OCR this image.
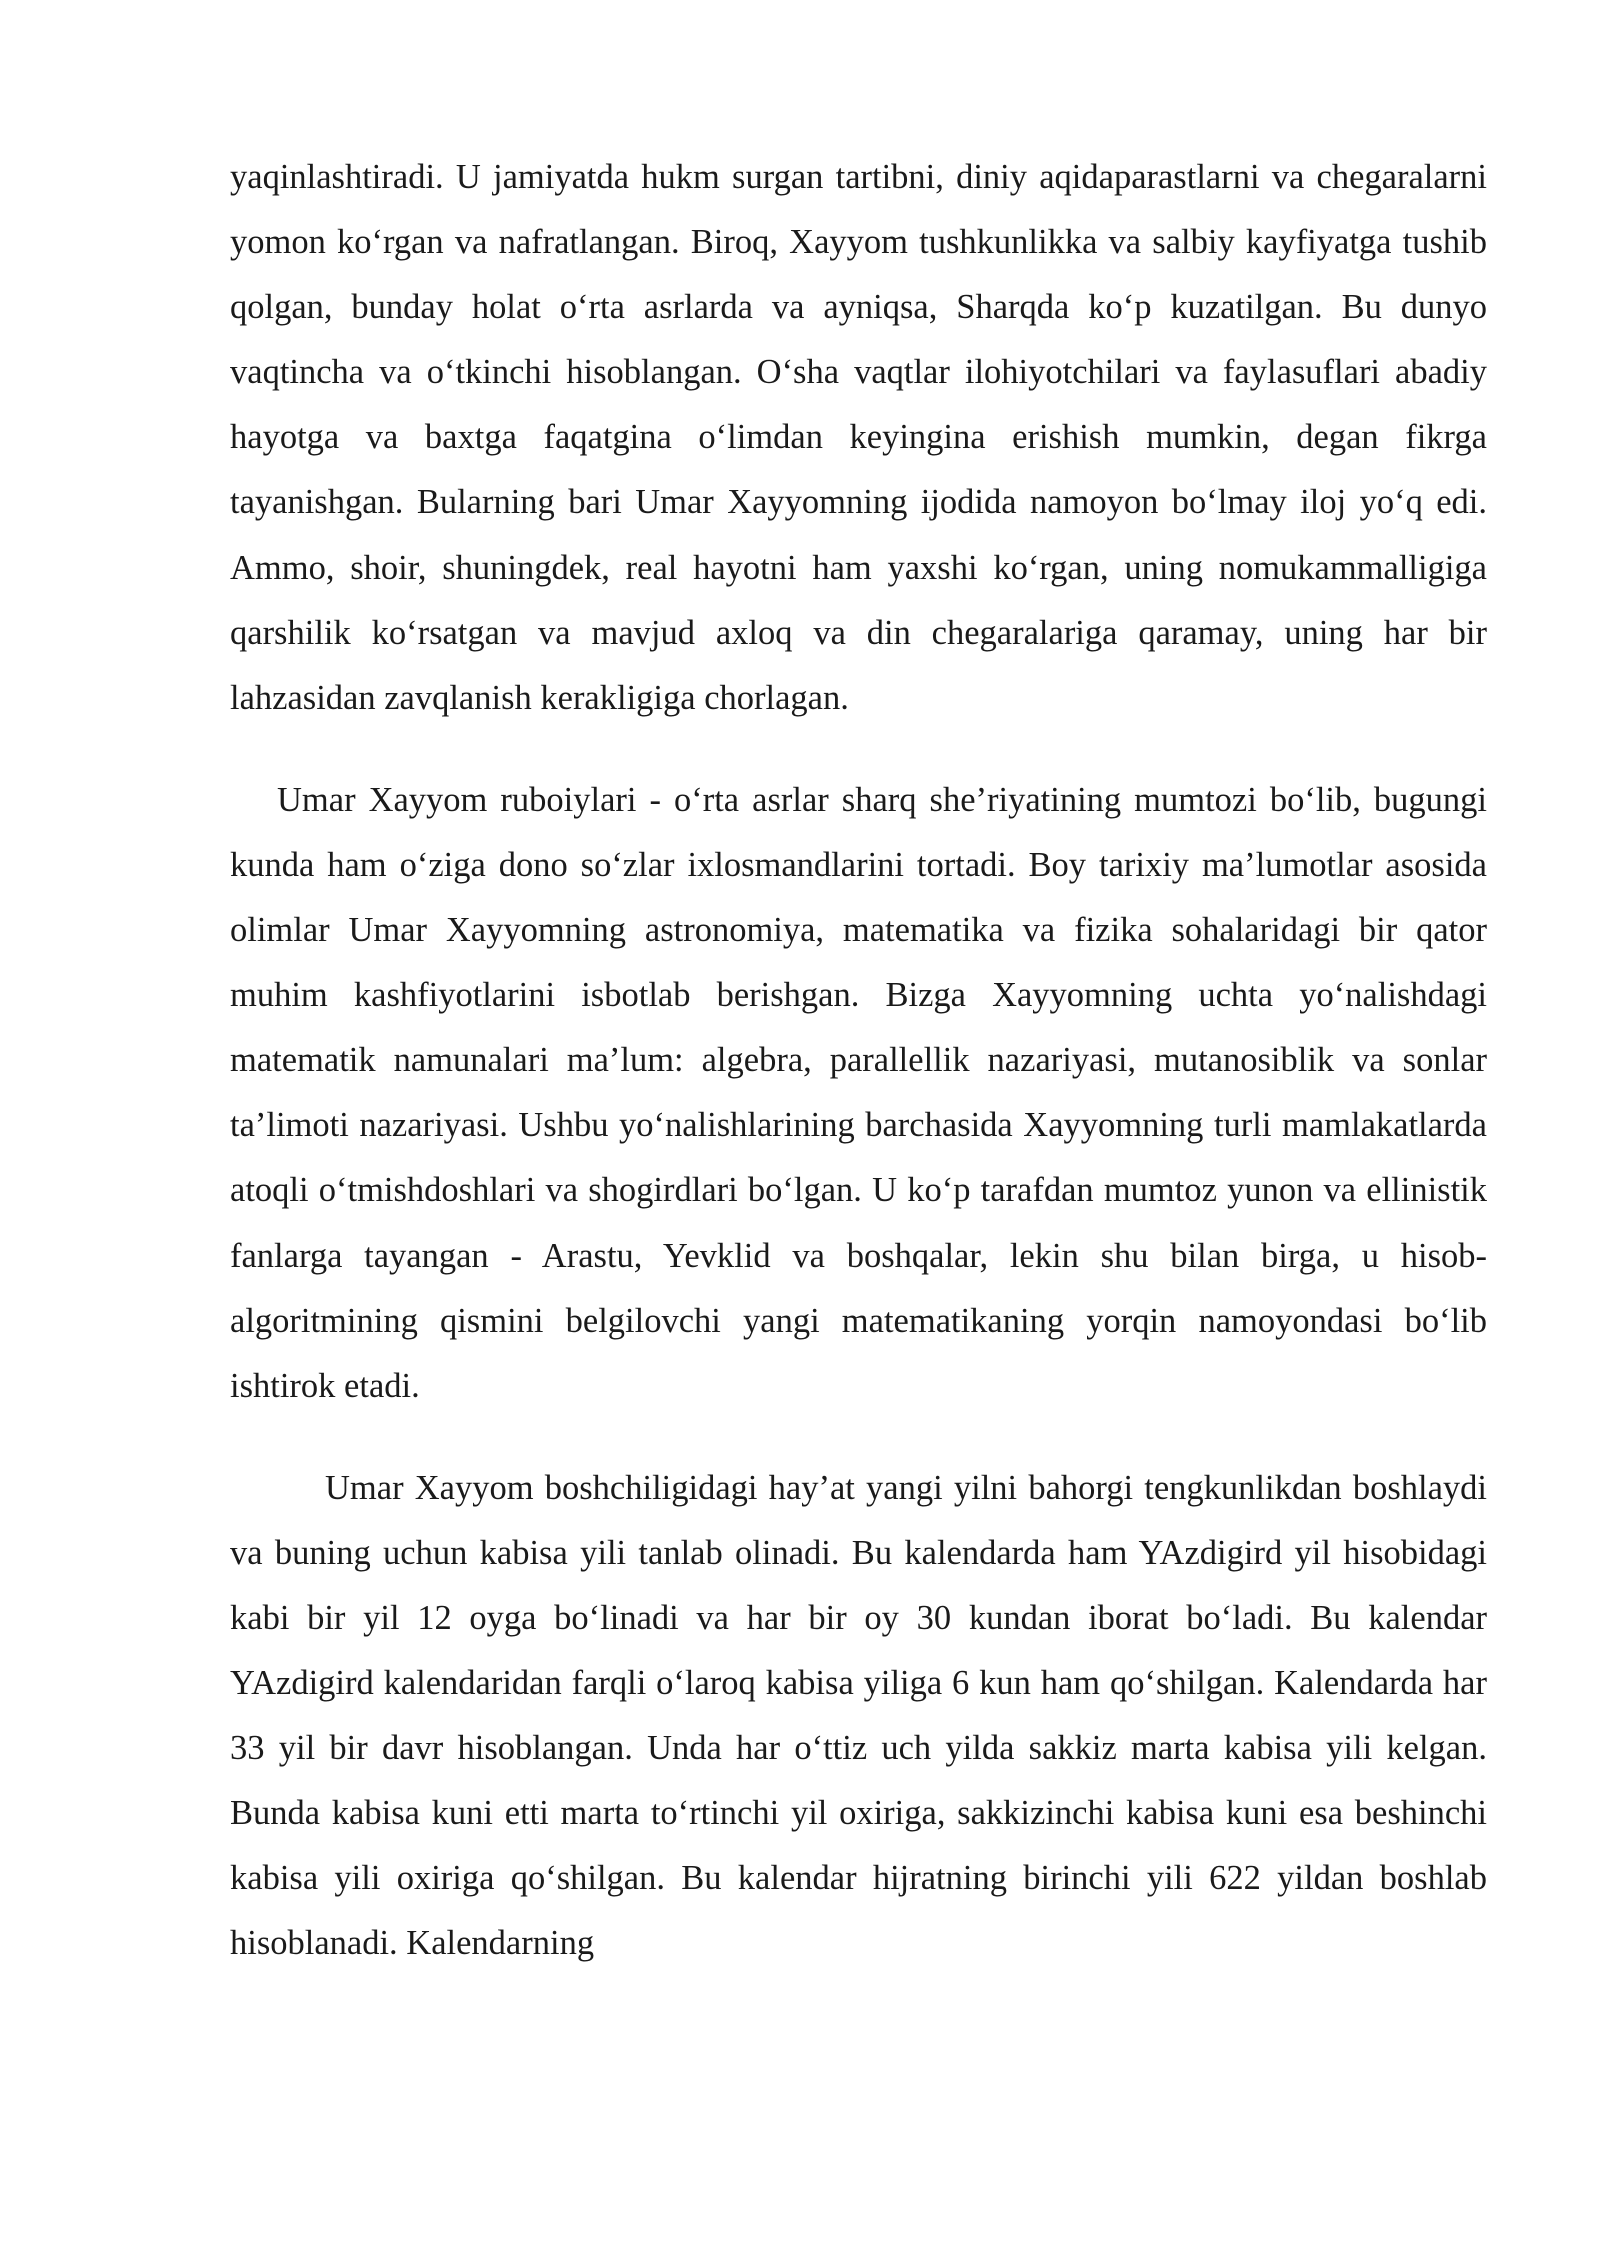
yaqinlashtiradi. U jamiyatda hukm surgan tartibni, diniy aqidaparastlarni va chegaralarni yomon ko‘rgan va nafratlangan. Biroq, Xayyom tushkunlikka va salbiy kayfiyatga tushib qolgan, bunday holat o‘rta asrlarda va ayniqsa, Sharqda ko‘p kuzatilgan. Bu dunyo vaqtincha va o‘tkinchi hisoblangan. O‘sha vaqtlar ilohiyotchilari va faylasuflari abadiy hayotga va baxtga faqatgina o‘limdan keyingina erishish mumkin, degan fikrga tayanishgan. Bularning bari Umar Xayyomning ijodida namoyon bo‘lmay iloj yo‘q edi. Ammo, shoir, shuningdek, real hayotni ham yaxshi ko‘rgan, uning nomukammalligiga qarshilik ko‘rsatgan va mavjud axloq va din chegaralariga qaramay, uning har bir lahzasidan zavqlanish kerakligiga chorlagan.

Umar Xayyom ruboiylari - o‘rta asrlar sharq she’riyatining mumtozi bo‘lib, bugungi kunda ham o‘ziga dono so‘zlar ixlosmandlarini tortadi. Boy tarixiy ma’lumotlar asosida olimlar Umar Xayyomning astronomiya, matematika va fizika sohalaridagi bir qator muhim kashfiyotlarini isbotlab berishgan. Bizga Xayyomning uchta yo‘nalishdagi matematik namunalari ma’lum: algebra, parallellik nazariyasi, mutanosiblik va sonlar ta’limoti nazariyasi. Ushbu yo‘nalishlarining barchasida Xayyomning turli mamlakatlarda atoqli o‘tmishdoshlari va shogirdlari bo‘lgan. U ko‘p tarafdan mumtoz yunon va ellinistik fanlarga tayangan - Arastu, Yevklid va boshqalar, lekin shu bilan birga, u hisob-algoritmining qismini belgilovchi yangi matematikaning yorqin namoyondasi bo‘lib ishtirok etadi.

Umar Xayyom boshchiligidagi hay’at yangi yilni bahorgi tengkunlikdan boshlaydi va buning uchun kabisa yili tanlab olinadi. Bu kalendarda ham YAzdigird yil hisobidagi kabi bir yil 12 oyga bo‘linadi va har bir oy 30 kundan iborat bo‘ladi. Bu kalendar YAzdigird kalendaridan farqli o‘laroq kabisa yiliga 6 kun ham qo‘shilgan. Kalendarda har 33 yil bir davr hisoblangan. Unda har o‘ttiz uch yilda sakkiz marta kabisa yili kelgan. Bunda kabisa kuni etti marta to‘rtinchi yil oxiriga, sakkizinchi kabisa kuni esa beshinchi kabisa yili oxiriga qo‘shilgan. Bu kalendar hijratning birinchi yili 622 yildan boshlab hisoblanadi. Kalendarning
